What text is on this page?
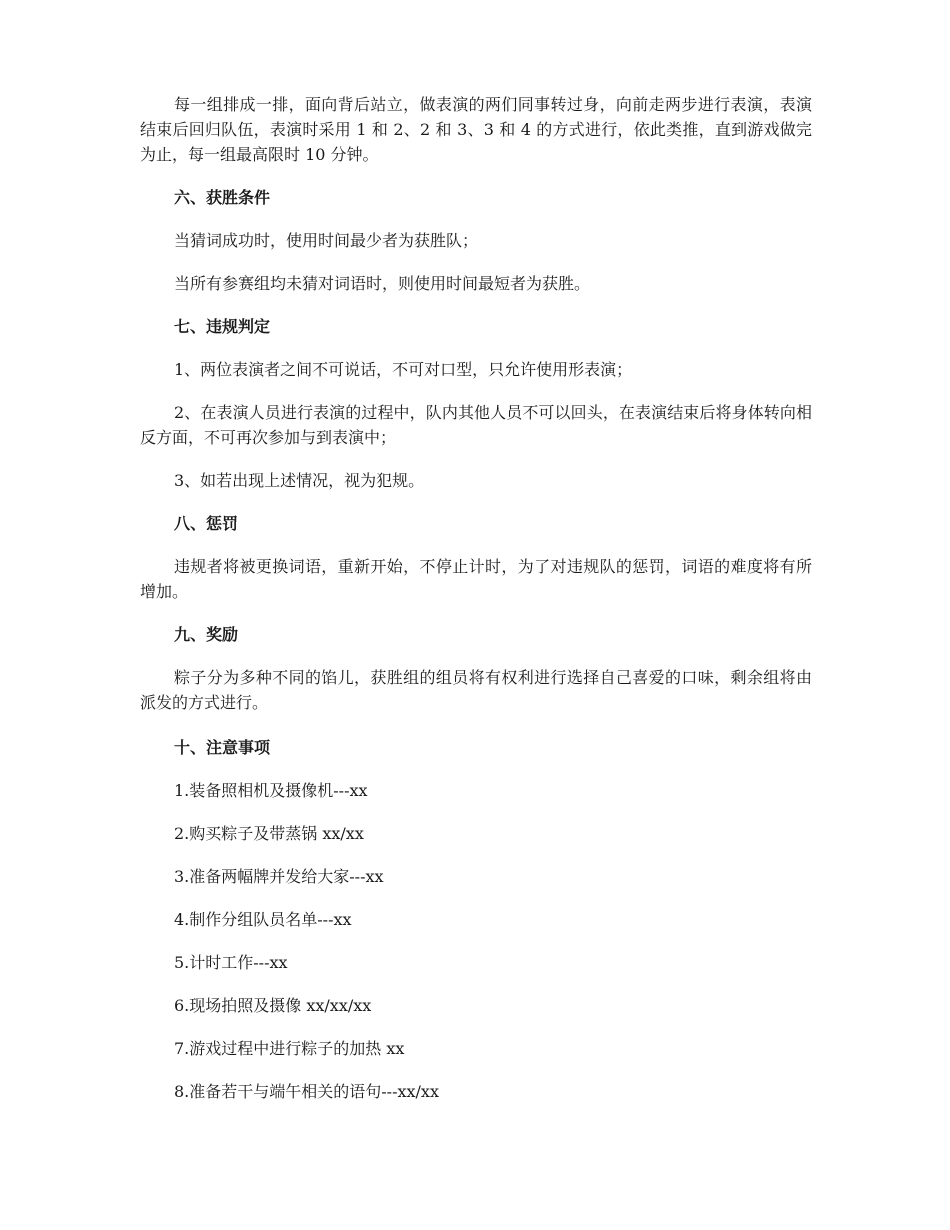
每一组排成一排，面向背后站立，做表演的两们同事转过身，向前走两步进行表演，表演结束后回归队伍，表演时采用 1 和 2、2 和 3、3 和 4 的方式进行，依此类推，直到游戏做完为止，每一组最高限时 10 分钟。

六、获胜条件

当猜词成功时，使用时间最少者为获胜队；

当所有参赛组均未猜对词语时，则使用时间最短者为获胜。

七、违规判定

1、两位表演者之间不可说话，不可对口型，只允许使用形表演；

2、在表演人员进行表演的过程中，队内其他人员不可以回头，在表演结束后将身体转向相反方面，不可再次参加与到表演中；

3、如若出现上述情况，视为犯规。

八、惩罚

违规者将被更换词语，重新开始，不停止计时，为了对违规队的惩罚，词语的难度将有所增加。

九、奖励

粽子分为多种不同的馅儿，获胜组的组员将有权利进行选择自己喜爱的口味，剩余组将由派发的方式进行。

十、注意事项

1.装备照相机及摄像机---xx

2.购买粽子及带蒸锅 xx/xx

3.准备两幅牌并发给大家---xx

4.制作分组队员名单---xx

5.计时工作---xx

6.现场拍照及摄像 xx/xx/xx

7.游戏过程中进行粽子的加热 xx

8.准备若干与端午相关的语句---xx/xx
